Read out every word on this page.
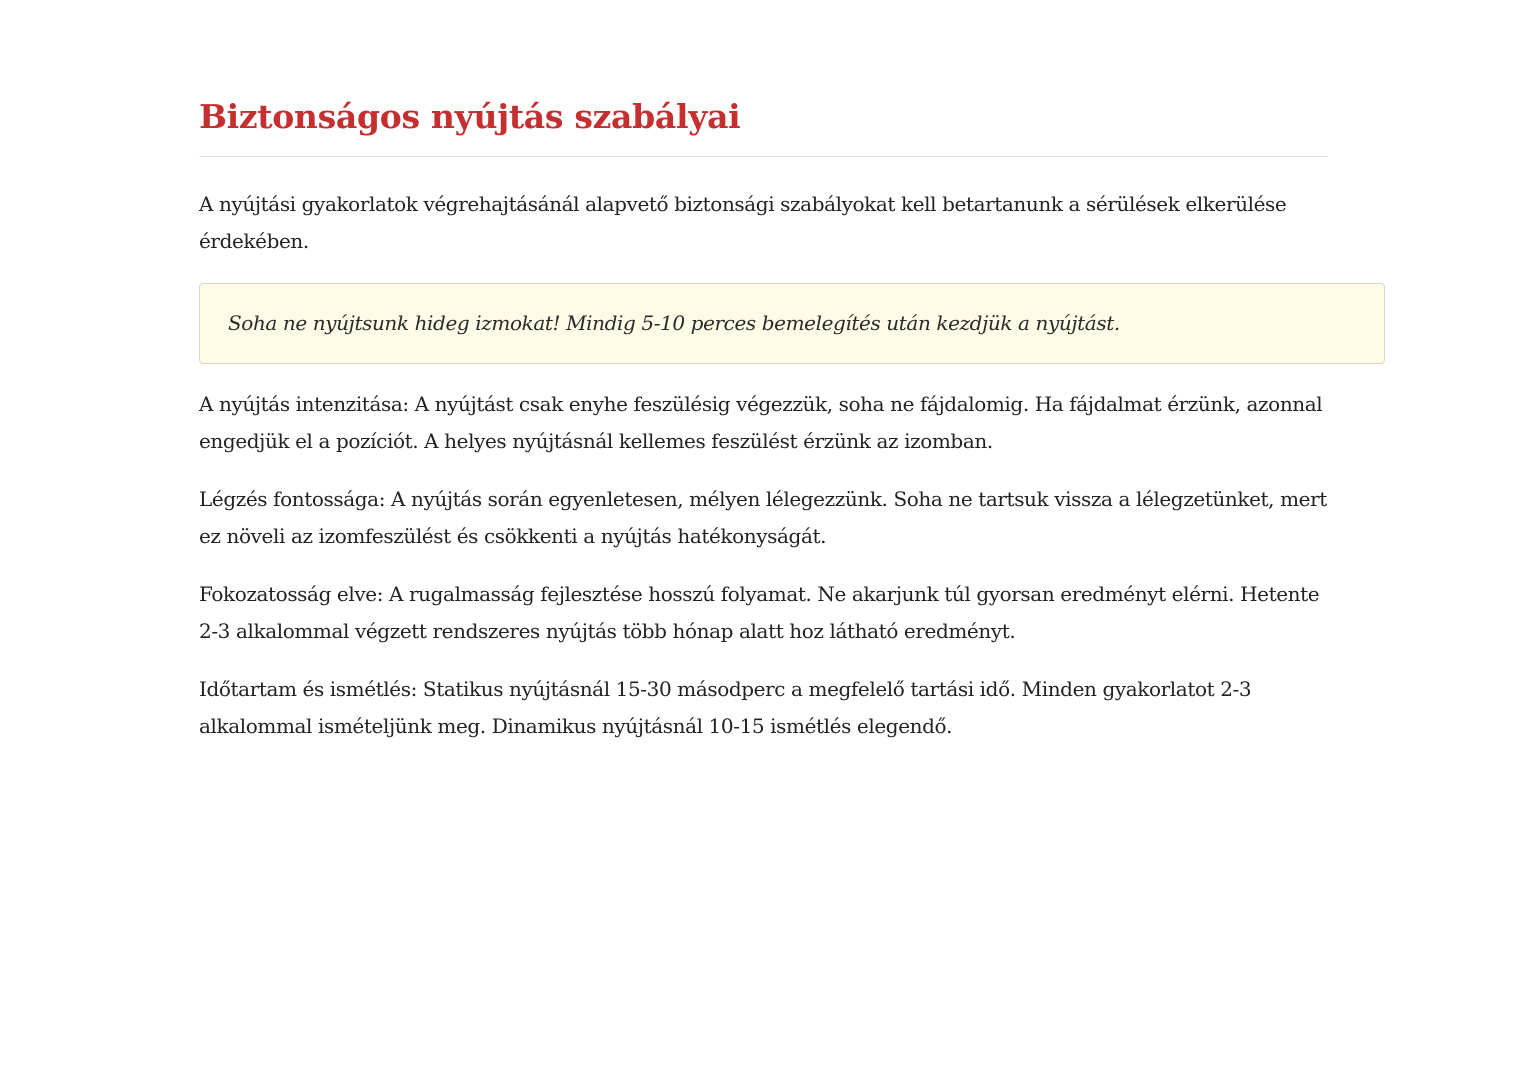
Biztonságos nyújtás szabályai

A nyújtási gyakorlatok végrehajtásánál alapvető biztonsági szabályokat kell betartanunk a sérülések elkerülése érdekében.

Soha ne nyújtsunk hideg izmokat! Mindig 5-10 perces bemelegítés után kezdjük a nyújtást.

A nyújtás intenzitása: A nyújtást csak enyhe feszülésig végezzük, soha ne fájdalomig. Ha fájdalmat érzünk, azonnal engedjük el a pozíciót. A helyes nyújtásnál kellemes feszülést érzünk az izomban.

Légzés fontossága: A nyújtás során egyenletesen, mélyen lélegezzünk. Soha ne tartsuk vissza a lélegzetünket, mert ez növeli az izomfeszülést és csökkenti a nyújtás hatékonyságát.

Fokozatosság elve: A rugalmasság fejlesztése hosszú folyamat. Ne akarjunk túl gyorsan eredményt elérni. Hetente 2-3 alkalommal végzett rendszeres nyújtás több hónap alatt hoz látható eredményt.

Időtartam és ismétlés: Statikus nyújtásnál 15-30 másodperc a megfelelő tartási idő. Minden gyakorlatot 2-3 alkalommal ismételjünk meg. Dinamikus nyújtásnál 10-15 ismétlés elegendő.
